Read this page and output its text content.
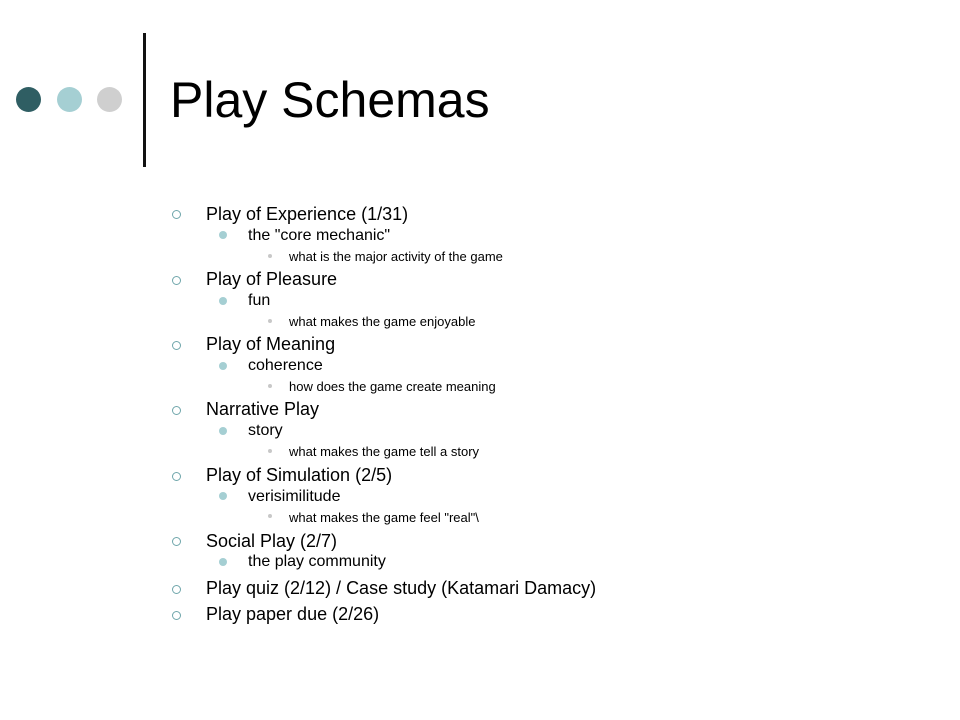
Play Schemas
Play of Experience (1/31)
the "core mechanic"
what is the major activity of the game
Play of Pleasure
fun
what makes the game enjoyable
Play of Meaning
coherence
how does the game create meaning
Narrative Play
story
what makes the game tell a story
Play of Simulation (2/5)
verisimilitude
what makes the game feel "real"\
Social Play (2/7)
the play community
Play quiz (2/12) / Case study (Katamari Damacy)
Play paper due (2/26)
